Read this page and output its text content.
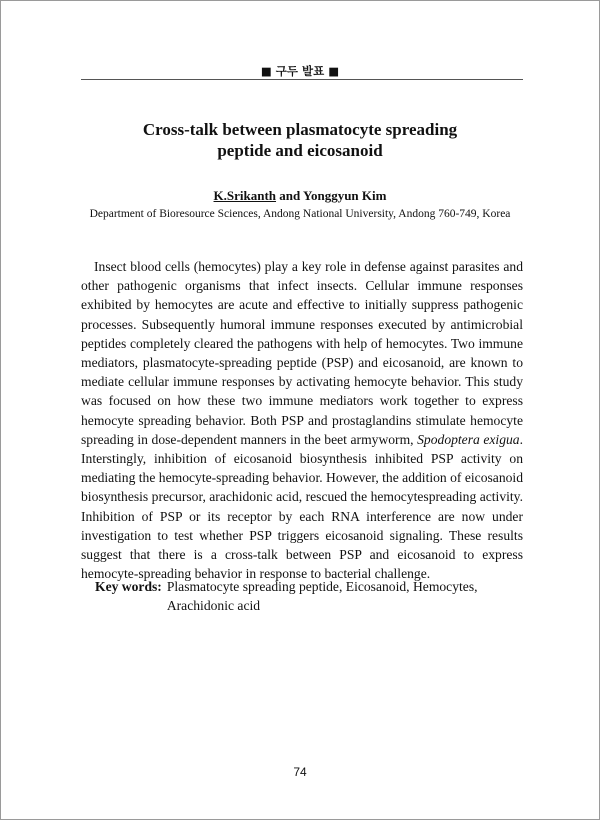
■ 구두 발표 ■
Cross-talk between plasmatocyte spreading
peptide and eicosanoid
K.Srikanth and Yonggyun Kim
Department of Bioresource Sciences, Andong National University, Andong 760-749, Korea

Insect blood cells (hemocytes) play a key role in defense against parasites and other pathogenic organisms that infect insects. Cellular immune responses exhibited by hemocytes are acute and effective to initially suppress pathogenic processes. Subsequently humoral immune responses executed by antimicrobial peptides completely cleared the pathogens with help of hemocytes. Two immune mediators, plasmatocyte-spreading peptide (PSP) and eicosanoid, are known to mediate cellular immune responses by activating hemocyte behavior. This study was focused on how these two immune mediators work together to express hemocyte spreading behavior. Both PSP and prostaglandins stimulate hemocyte spreading in dose-dependent manners in the beet armyworm, Spodoptera exigua. Interstingly, inhibition of eicosanoid biosynthesis inhibited PSP activity on mediating the hemocyte-spreading behavior. However, the addition of eicosanoid biosynthesis precursor, arachidonic acid, rescued the hemocytespreading activity. Inhibition of PSP or its receptor by each RNA interference are now under investigation to test whether PSP triggers eicosanoid signaling. These results suggest that there is a cross-talk between PSP and eicosanoid to express hemocyte-spreading behavior in response to bacterial challenge.

Key words: Plasmatocyte spreading peptide, Eicosanoid, Hemocytes, Arachidonic acid
74
